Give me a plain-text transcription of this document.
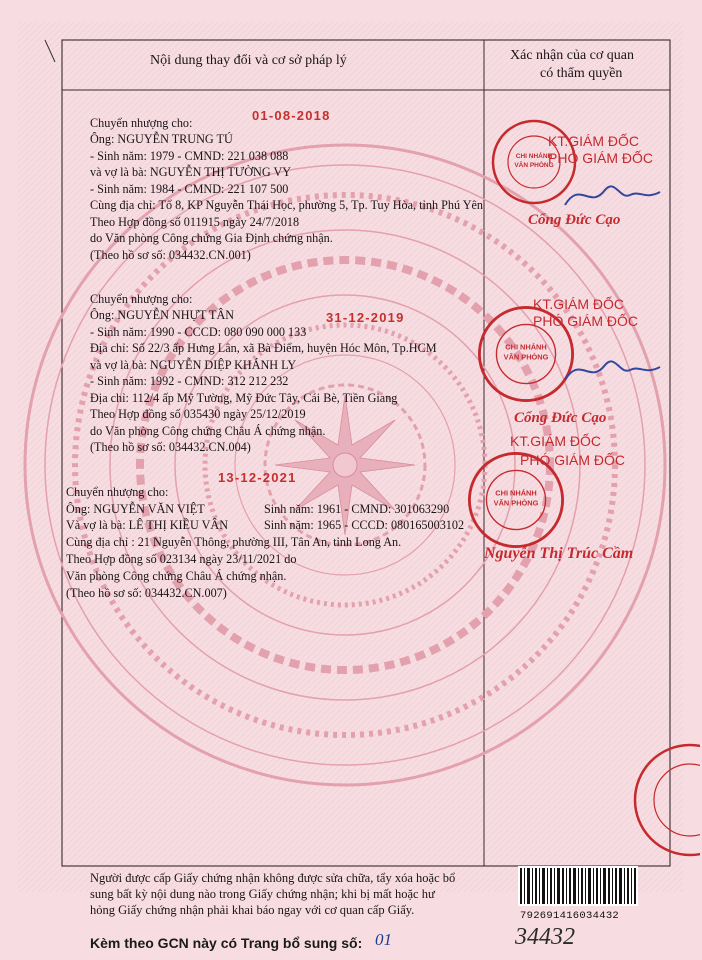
Nội dung thay đổi và cơ sở pháp lý	Xác nhận của cơ quan
có thẩm quyền
01-08-2018
Chuyển nhượng cho:
Ông: NGUYỄN TRUNG TÚ
- Sinh năm: 1979 - CMND: 221 038 088
và vợ là bà: NGUYỄN THỊ TƯỜNG VY
- Sinh năm: 1984 - CMND: 221 107 500
Cùng địa chỉ: Tổ 8, KP Nguyễn Thái Học, phường 5, Tp. Tuy Hòa, tỉnh Phú Yên
Theo Hợp đồng số 011915 ngày 24/7/2018
do Văn phòng Công chứng Gia Định chứng nhận.
(Theo hồ sơ số: 034432.CN.001)
31-12-2019
Chuyển nhượng cho:
Ông: NGUYỄN NHỰT TÂN
- Sinh năm: 1990 - CCCD: 080 090 000 133
Địa chỉ: Số 22/3 ấp Hưng Lân, xã Bà Điểm, huyện Hóc Môn, Tp.HCM
và vợ là bà: NGUYỄN DIỆP KHÁNH LY
- Sinh năm: 1992 - CMND: 312 212 232
Địa chỉ: 112/4 ấp Mỹ Tường, Mỹ Đức Tây, Cái Bè, Tiền Giang
Theo Hợp đồng số 035430 ngày 25/12/2019
do Văn phòng Công chứng Châu Á chứng nhận.
(Theo hồ sơ số: 034432.CN.004)
13-12-2021
Chuyển nhượng cho:
Ông: NGUYỄN VĂN VIỆT	Sinh năm: 1961 - CMND: 301063290
Và vợ là bà: LÊ THỊ KIỀU VÂN	Sinh năm: 1965 - CCCD: 080165003102
Cùng địa chỉ : 21 Nguyễn Thông, phường III, Tân An, tỉnh Long An.
Theo Hợp đồng số 023134 ngày 23/11/2021 do
Văn phòng Công chứng Châu Á chứng nhận.
(Theo hồ sơ số: 034432.CN.007)
CHI NHÁNH
VĂN PHÒNG
KT.GIÁM ĐỐC
PHÓ GIÁM ĐỐC
Cổng Đức Cạo
CHI NHÁNH
VĂN PHÒNG
KT.GIÁM ĐỐC
PHÓ GIÁM ĐỐC
Cổng Đức Cạo
KT.GIÁM ĐỐC
PHÓ GIÁM ĐỐC
CHI NHÁNH
VĂN PHÒNG
Nguyễn Thị Trúc Cầm
Người được cấp Giấy chứng nhận không được sửa chữa, tẩy xóa hoặc bổ
sung bất kỳ nội dung nào trong Giấy chứng nhận; khi bị mất hoặc hư
hỏng Giấy chứng nhận phải khai báo ngay với cơ quan cấp Giấy.	792691416034432
Kèm theo GCN này có Trang bổ sung số: 01	34432
